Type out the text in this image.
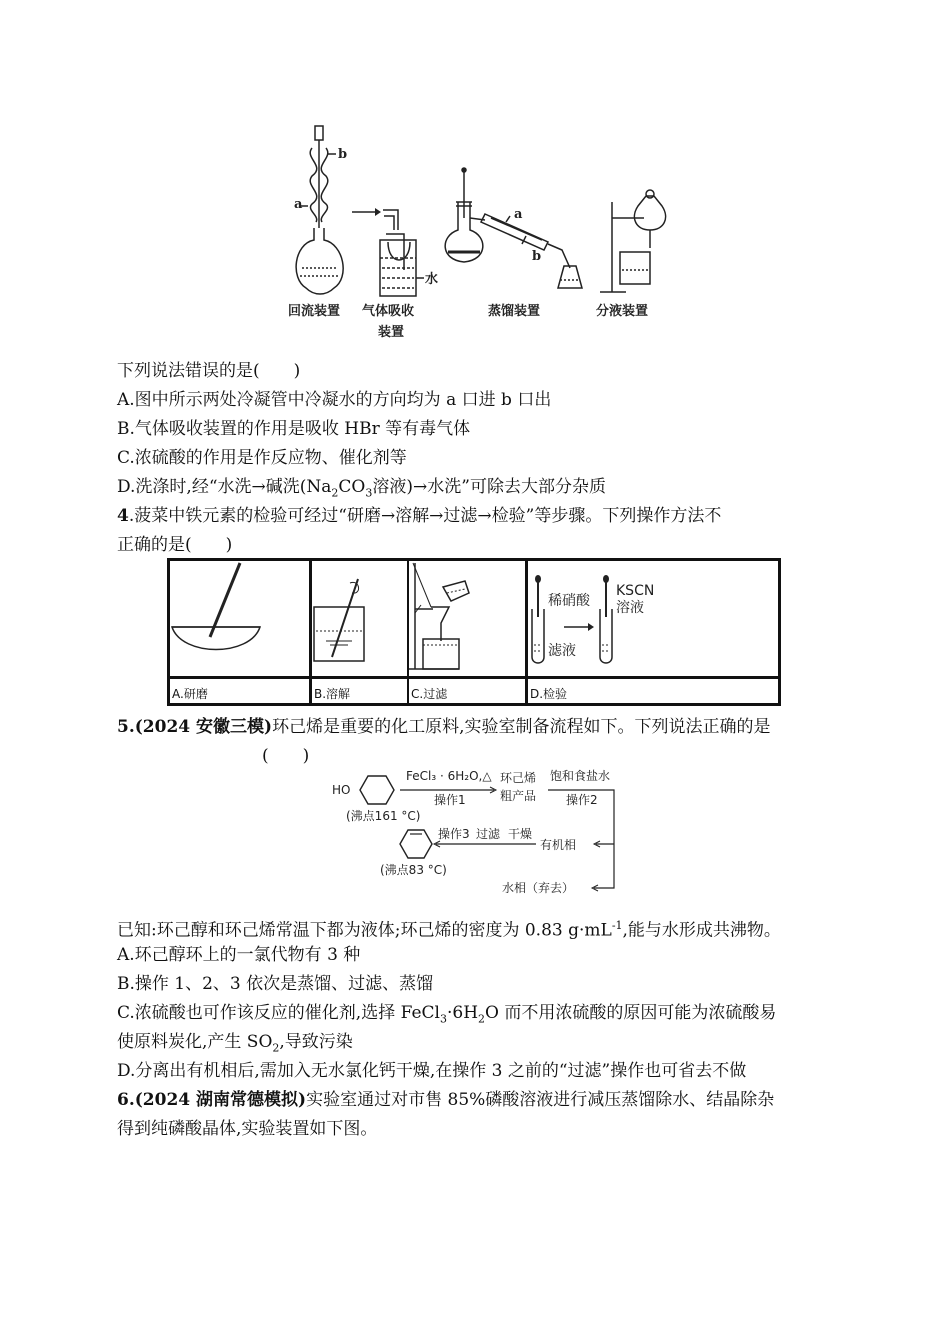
b
a
水
a
b
回流装置 气体吸收
装置
蒸馏装置	分液装置
下列说法错误的是(　　)
A.图中所示两处冷凝管中冷凝水的方向均为 a 口进 b 口出
B.气体吸收装置的作用是吸收 HBr 等有毒气体
C.浓硫酸的作用是作反应物、催化剂等
D.洗涤时,经“水洗→碱洗($Na_2CO_3$溶液)→水洗”可除去大部分杂质
4.菠菜中铁元素的检验可经过“研磨→溶解→过滤→检验”等步骤。下列操作方法不
正确的是(　　)
稀硝酸
滤液
KSCN
溶液
A.研磨	B.溶解	C.过滤	D.检验
5.(2024 安徽三模)环己烯是重要的化工原料,实验室制备流程如下。下列说法正确的是
(　　)
HO
(沸点161 °C)
FeCl₃ · 6H₂O,△
操作1
环己烯
粗产品
饱和食盐水
操作2
有机相
干燥
过滤
操作3
(沸点83 °C)
水相（弃去）
已知:环己醇和环己烯常温下都为液体;环己烯的密度为 0.83 $g\cdot mL^{-1}$,能与水形成共沸物。
A.环己醇环上的一氯代物有 3 种
B.操作 1、2、3 依次是蒸馏、过滤、蒸馏
C.浓硫酸也可作该反应的催化剂,选择 $FeCl_3\cdot 6H_2O$ 而不用浓硫酸的原因可能为浓硫酸易
使原料炭化,产生 $SO_2$,导致污染
D.分离出有机相后,需加入无水氯化钙干燥,在操作 3 之前的“过滤”操作也可省去不做
6.(2024 湖南常德模拟)实验室通过对市售 85%磷酸溶液进行减压蒸馏除水、结晶除杂
得到纯磷酸晶体,实验装置如下图。
